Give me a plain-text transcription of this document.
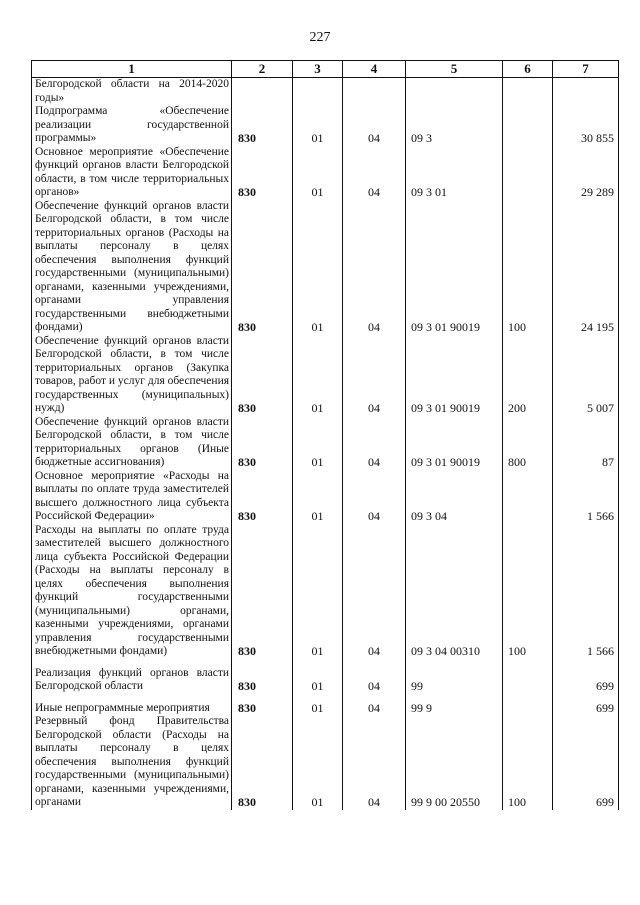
227
1	2	3	4	5	6	7
Белгородской области на 2014-2020 годы»						
Подпрограмма «Обеспечение реализации государственной программы»	830	01	04	09 3		30 855
Основное мероприятие «Обеспечение функций органов власти Белгородской области, в том числе территориальных органов»	830	01	04	09 3 01		29 289
Обеспечение функций органов власти Белгородской области, в том числе территориальных органов (Расходы на выплаты персоналу в целях обеспечения выполнения функций государственными (муниципальными) органами, казенными учреждениями, органами управления государственными внебюджетными фондами)	830	01	04	09 3 01 90019	100	24 195
Обеспечение функций органов власти Белгородской области, в том числе территориальных органов (Закупка товаров, работ и услуг для обеспечения государственных (муниципальных) нужд)	830	01	04	09 3 01 90019	200	5 007
Обеспечение функций органов власти Белгородской области, в том числе территориальных органов (Иные бюджетные ассигнования)	830	01	04	09 3 01 90019	800	87
Основное мероприятие «Расходы на выплаты по оплате труда заместителей высшего должностного лица субъекта Российской Федерации»	830	01	04	09 3 04		1 566
Расходы на выплаты по оплате труда заместителей высшего должностного лица субъекта Российской Федерации (Расходы на выплаты персоналу в целях обеспечения выполнения функций государственными (муниципальными) органами, казенными учреждениями, органами управления государственными внебюджетными фондами)	830	01	04	09 3 04 00310	100	1 566

Реализация функций органов власти Белгородской области	830	01	04	99		699

Иные непрограммные мероприятия	830	01	04	99 9		699
Резервный фонд Правительства Белгородской области (Расходы на выплаты персоналу в целях обеспечения выполнения функций государственными (муниципальными) органами, казенными учреждениями, органами	830	01	04	99 9 00 20550	100	699
